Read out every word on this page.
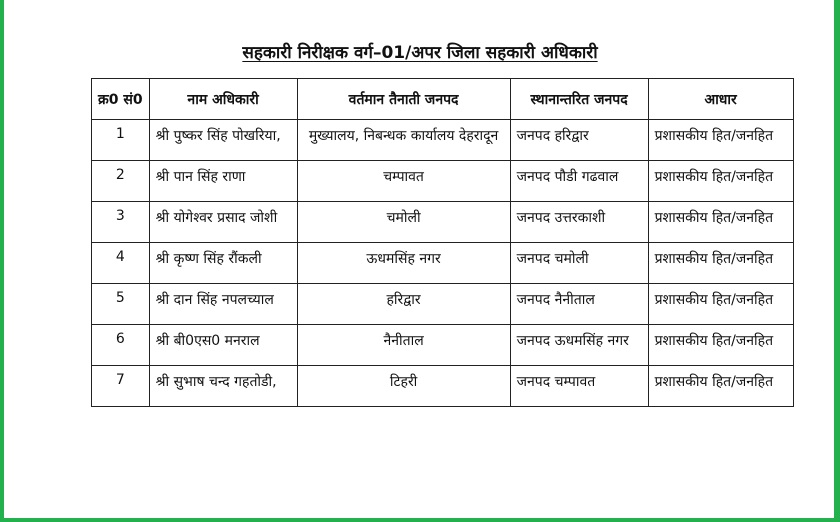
सहकारी निरीक्षक वर्ग–01/अपर जिला सहकारी अधिकारी
क्र0 सं0	नाम अधिकारी	वर्तमान तैनाती जनपद	स्थानान्तरित जनपद	आधार
1	श्री पुष्कर सिंह पोखरिया,	मुख्यालय, निबन्धक कार्यालय देहरादून	जनपद हरिद्वार	प्रशासकीय हित/जनहित
2	श्री पान सिंह राणा	चम्पावत	जनपद पौडी गढवाल	प्रशासकीय हित/जनहित
3	श्री योगेश्वर प्रसाद जोशी	चमोली	जनपद उत्तरकाशी	प्रशासकीय हित/जनहित
4	श्री कृष्ण सिंह रौंकली	ऊधमसिंह नगर	जनपद चमोली	प्रशासकीय हित/जनहित
5	श्री दान सिंह नपलच्याल	हरिद्वार	जनपद नैनीताल	प्रशासकीय हित/जनहित
6	श्री बी0एस0 मनराल	नैनीताल	जनपद ऊधमसिंह नगर	प्रशासकीय हित/जनहित
7	श्री सुभाष चन्द गहतोडी,	टिहरी	जनपद चम्पावत	प्रशासकीय हित/जनहित
